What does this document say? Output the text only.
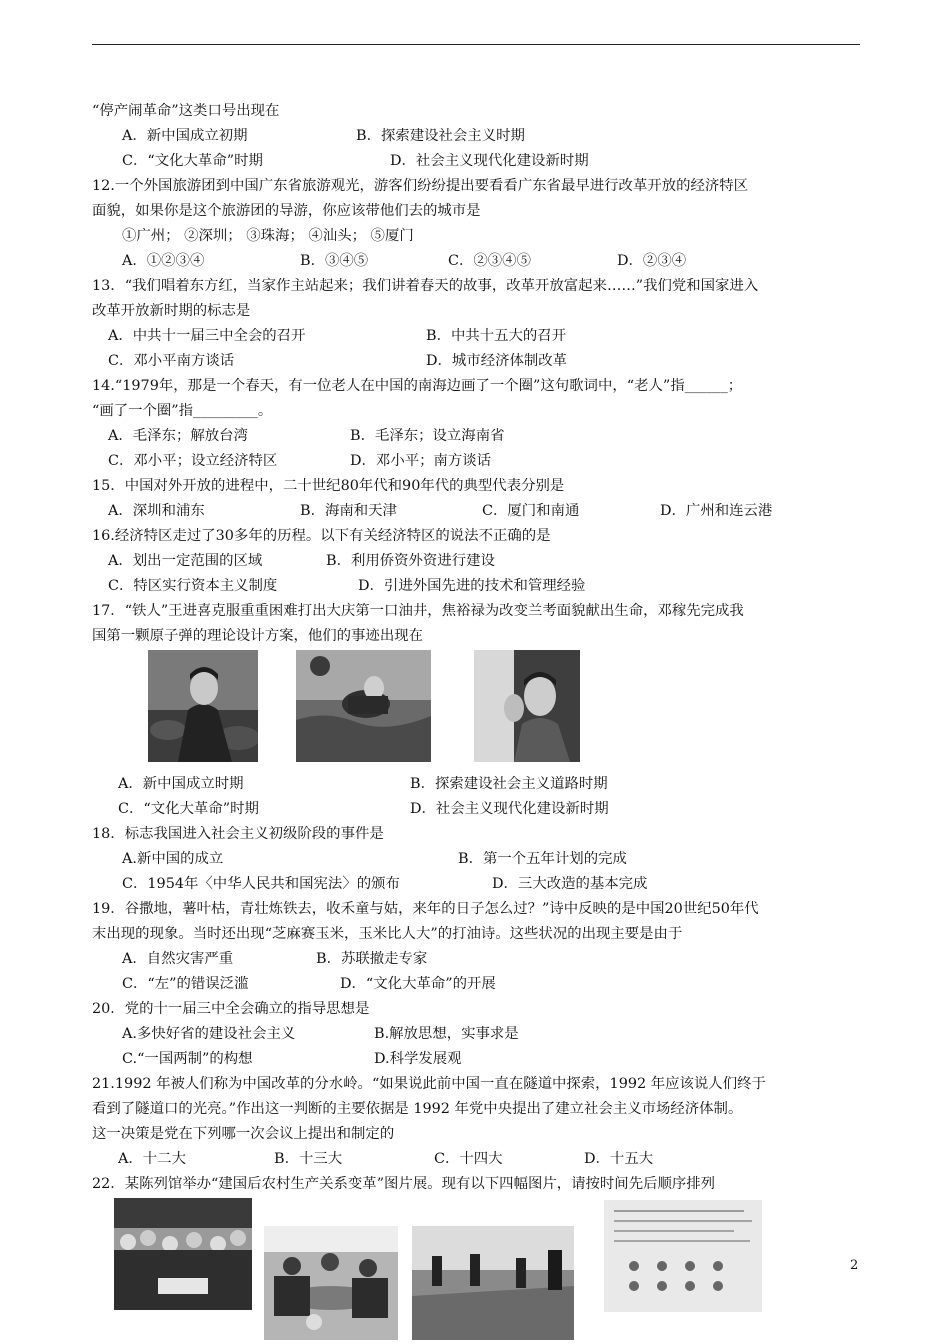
“停产闹革命”这类口号出现在
A．新中国成立初期	B．探索建设社会主义时期
C．“文化大革命”时期	D．社会主义现代化建设新时期
12.一个外国旅游团到中国广东省旅游观光，游客们纷纷提出要看看广东省最早进行改革开放的经济特区
面貌，如果你是这个旅游团的导游，你应该带他们去的城市是
①广州； ②深圳； ③珠海； ④汕头； ⑤厦门
A．①②③④	B．③④⑤	C．②③④⑤	D．②③④
13．“我们唱着东方红，当家作主站起来；我们讲着春天的故事，改革开放富起来……”我们党和国家进入
改革开放新时期的标志是
A．中共十一届三中全会的召开	B．中共十五大的召开
C．邓小平南方谈话	D．城市经济体制改革
14.“1979年，那是一个春天，有一位老人在中国的南海边画了一个圈”这句歌词中，“老人”指______；
“画了一个圈”指_________。
A．毛泽东；解放台湾	B．毛泽东；设立海南省
C．邓小平；设立经济特区	D．邓小平；南方谈话
15．中国对外开放的进程中，二十世纪80年代和90年代的典型代表分别是
A．深圳和浦东	B．海南和天津	C．厦门和南通	D．广州和连云港
16.经济特区走过了30多年的历程。以下有关经济特区的说法不正确的是
A．划出一定范围的区域	B．利用侨资外资进行建设
C．特区实行资本主义制度	D．引进外国先进的技术和管理经验
17．“铁人”王进喜克服重重困难打出大庆第一口油井，焦裕禄为改变兰考面貌献出生命，邓稼先完成我
国第一颗原子弹的理论设计方案，他们的事迹出现在
A．新中国成立时期	B．探索建设社会主义道路时期
C．“文化大革命”时期	D．社会主义现代化建设新时期
18．标志我国进入社会主义初级阶段的事件是
A.新中国的成立	B．第一个五年计划的完成
C．1954年〈中华人民共和国宪法〉的颁布	D．三大改造的基本完成
19．谷撒地，薯叶枯，青壮炼铁去，收禾童与姑，来年的日子怎么过？”诗中反映的是中国20世纪50年代
末出现的现象。当时还出现“芝麻赛玉米，玉米比人大”的打油诗。这些状况的出现主要是由于
A．自然灾害严重	B．苏联撤走专家
C．“左”的错误泛滥	D．“文化大革命”的开展
20．党的十一届三中全会确立的指导思想是
A.多快好省的建设社会主义	B.解放思想，实事求是
C.“一国两制”的构想	D.科学发展观
21.1992 年被人们称为中国改革的分水岭。“如果说此前中国一直在隧道中探索，1992 年应该说人们终于
看到了隧道口的光亮。”作出这一判断的主要依据是 1992 年党中央提出了建立社会主义市场经济体制。
这一决策是党在下列哪一次会议上提出和制定的
A．十二大	B．十三大	C．十四大	D．十五大
22．某陈列馆举办“建国后农村生产关系变革”图片展。现有以下四幅图片，请按时间先后顺序排列
2
